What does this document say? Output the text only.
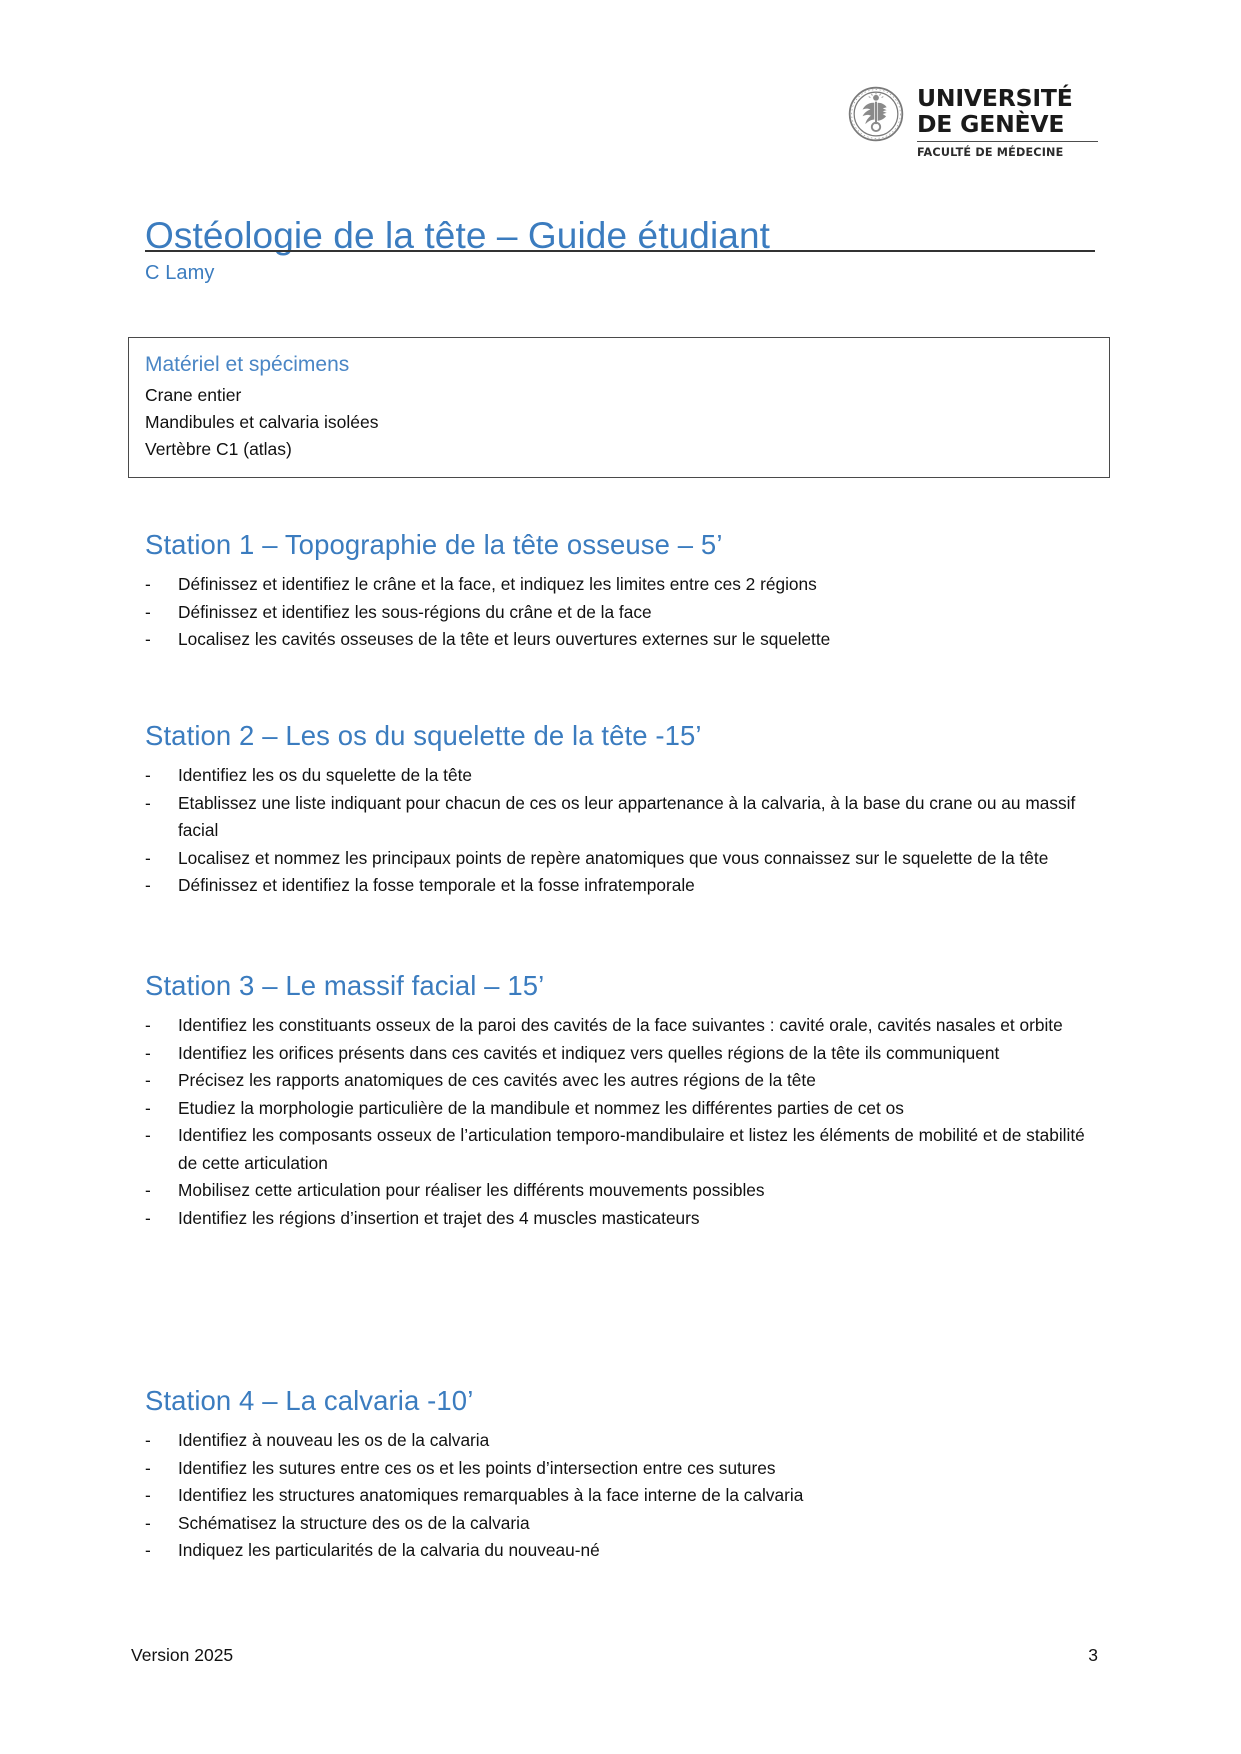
UNIVERSITÉ
DE GENÈVE
FACULTÉ DE MÉDECINE
Ostéologie de la tête – Guide étudiant
C Lamy
Matériel et spécimens
Crane entier
Mandibules et calvaria isolées
Vertèbre C1 (atlas)
Station 1 – Topographie de la tête osseuse – 5’
- Définissez et identifiez le crâne et la face, et indiquez les limites entre ces 2 régions
- Définissez et identifiez les sous-régions du crâne et de la face
- Localisez les cavités osseuses de la tête et leurs ouvertures externes sur le squelette
Station 2 – Les os du squelette de la tête -15’
- Identifiez les os du squelette de la tête
- Etablissez une liste indiquant pour chacun de ces os leur appartenance à la calvaria, à la base du crane ou au massif facial
- Localisez et nommez les principaux points de repère anatomiques que vous connaissez sur le squelette de la tête
- Définissez et identifiez la fosse temporale et la fosse infratemporale
Station 3 – Le massif facial – 15’
- Identifiez les constituants osseux de la paroi des cavités de la face suivantes : cavité orale, cavités nasales et orbite
- Identifiez les orifices présents dans ces cavités et indiquez vers quelles régions de la tête ils communiquent
- Précisez les rapports anatomiques de ces cavités avec les autres régions de la tête
- Etudiez la morphologie particulière de la mandibule et nommez les différentes parties de cet os
- Identifiez les composants osseux de l’articulation temporo-mandibulaire et listez les éléments de mobilité et de stabilité de cette articulation
- Mobilisez cette articulation pour réaliser les différents mouvements possibles
- Identifiez les régions d’insertion et trajet des 4 muscles masticateurs
Station 4 – La calvaria -10’
- Identifiez à nouveau les os de la calvaria
- Identifiez les sutures entre ces os et les points d’intersection entre ces sutures
- Identifiez les structures anatomiques remarquables à la face interne de la calvaria
- Schématisez la structure des os de la calvaria
- Indiquez les particularités de la calvaria du nouveau-né
Version 2025	3
